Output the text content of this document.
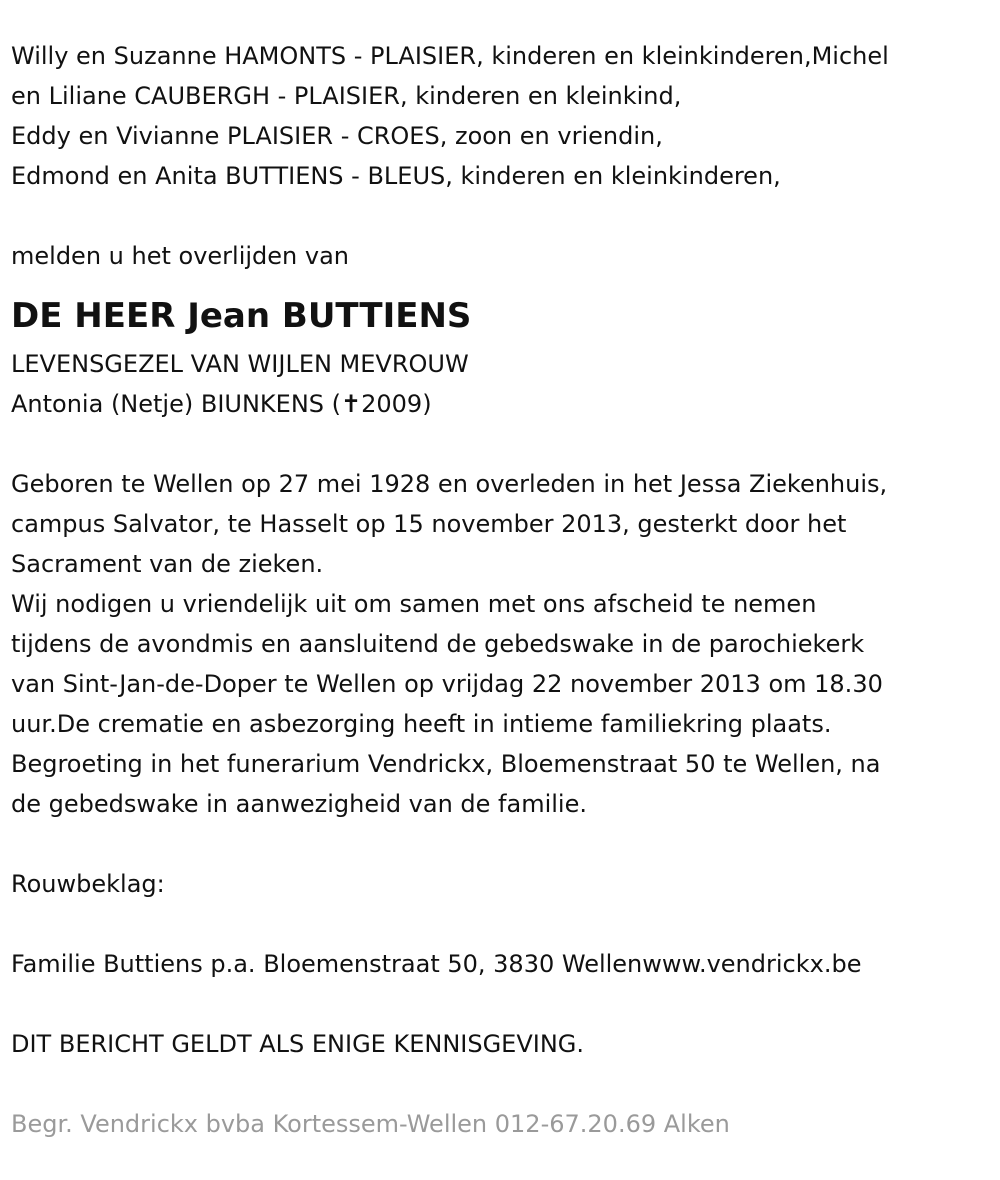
Willy en Suzanne HAMONTS - PLAISIER, kinderen en kleinkinderen,Michel
en Liliane CAUBERGH - PLAISIER, kinderen en kleinkind,
Eddy en Vivianne PLAISIER - CROES, zoon en vriendin,
Edmond en Anita BUTTIENS - BLEUS, kinderen en kleinkinderen,
melden u het overlijden van
DE HEER Jean BUTTIENS
LEVENSGEZEL VAN WIJLEN MEVROUW
Antonia (Netje) BIUNKENS (✝2009)
Geboren te Wellen op 27 mei 1928 en overleden in het Jessa Ziekenhuis,
campus Salvator, te Hasselt op 15 november 2013, gesterkt door het
Sacrament van de zieken.
Wij nodigen u vriendelijk uit om samen met ons afscheid te nemen
tijdens de avondmis en aansluitend de gebedswake in de parochiekerk
van Sint-Jan-de-Doper te Wellen op vrijdag 22 november 2013 om 18.30
uur.De crematie en asbezorging heeft in intieme familiekring plaats.
Begroeting in het funerarium Vendrickx, Bloemenstraat 50 te Wellen, na
de gebedswake in aanwezigheid van de familie.
Rouwbeklag:
Familie Buttiens p.a. Bloemenstraat 50, 3830 Wellenwww.vendrickx.be
DIT BERICHT GELDT ALS ENIGE KENNISGEVING.
Begr. Vendrickx bvba Kortessem-Wellen 012-67.20.69 Alken
